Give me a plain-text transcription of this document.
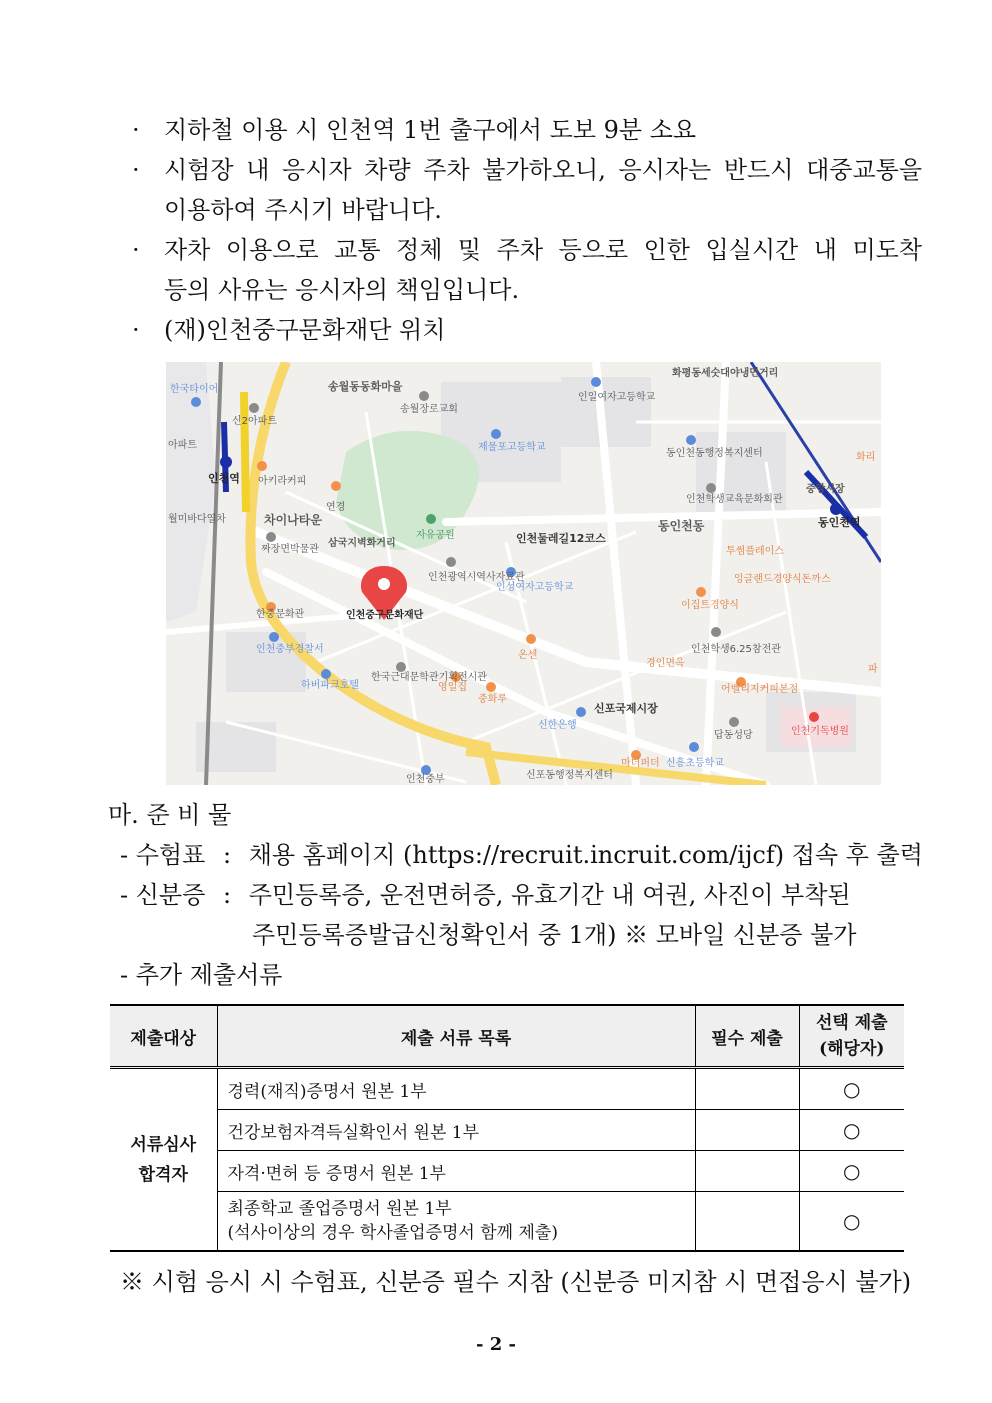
·	지하철 이용 시 인천역 1번 출구에서 도보 9분 소요
·	시험장 내 응시자 차량 주차 불가하오니, 응시자는 반드시 대중교통을
이용하여 주시기 바랍니다.
·	자차 이용으로 교통 정체 및 주차 등으로 인한 입실시간 내 미도착
등의 사유는 응시자의 책임입니다.
·	(재)인천중구문화재단 위치
화평동세숫대야냉면거리
송월동동화마을
송월장로교회
인일여자고등학교
한국타이어
신2아파트
아파트	제물포고등학교
동인천동행정복지센터
중앙시장
인천역 아키라커피
인천학생교육문화회관
월미바다열차
연경
차이나타운
자유공원
동인천동	동인천역
짜장면박물관
삼국지벽화거리	인천둘레길12코스
투썸플레이스
인천광역시역사자료관
인성여자고등학교
잉글랜드경양식돈까스
한중문화관	인천중구문화재단
이집트경양식
인천중부경찰서
온센
인천학생6.25참전관
경인면옥
하버파크호텔
한국근대문학관기획전시관
영일집
중화루
어벨리지커피본점
신포국제시장
신한은행
답동성당	인천기독병원
마더퍼더 신흥초등학교
신포동행정복지센터
인천중부
파
화리
마. 준 비 물
- 수험표 : 채용 홈페이지 (https://recruit.incruit.com/ijcf) 접속 후 출력
- 신분증 : 주민등록증, 운전면허증, 유효기간 내 여권, 사진이 부착된
주민등록증발급신청확인서 중 1개) ※ 모바일 신분증 불가
- 추가 제출서류
제출대상	제출 서류 목록	필수 제출	선택 제출
(해당자)
서류심사
합격자	경력(재직)증명서 원본 1부		○
	건강보험자격득실확인서 원본 1부		○
	자격·면허 등 증명서 원본 1부		○
	최종학교 졸업증명서 원본 1부
(석사이상의 경우 학사졸업증명서 함께 제출)		○
※ 시험 응시 시 수험표, 신분증 필수 지참 (신분증 미지참 시 면접응시 불가)
- 2 -
